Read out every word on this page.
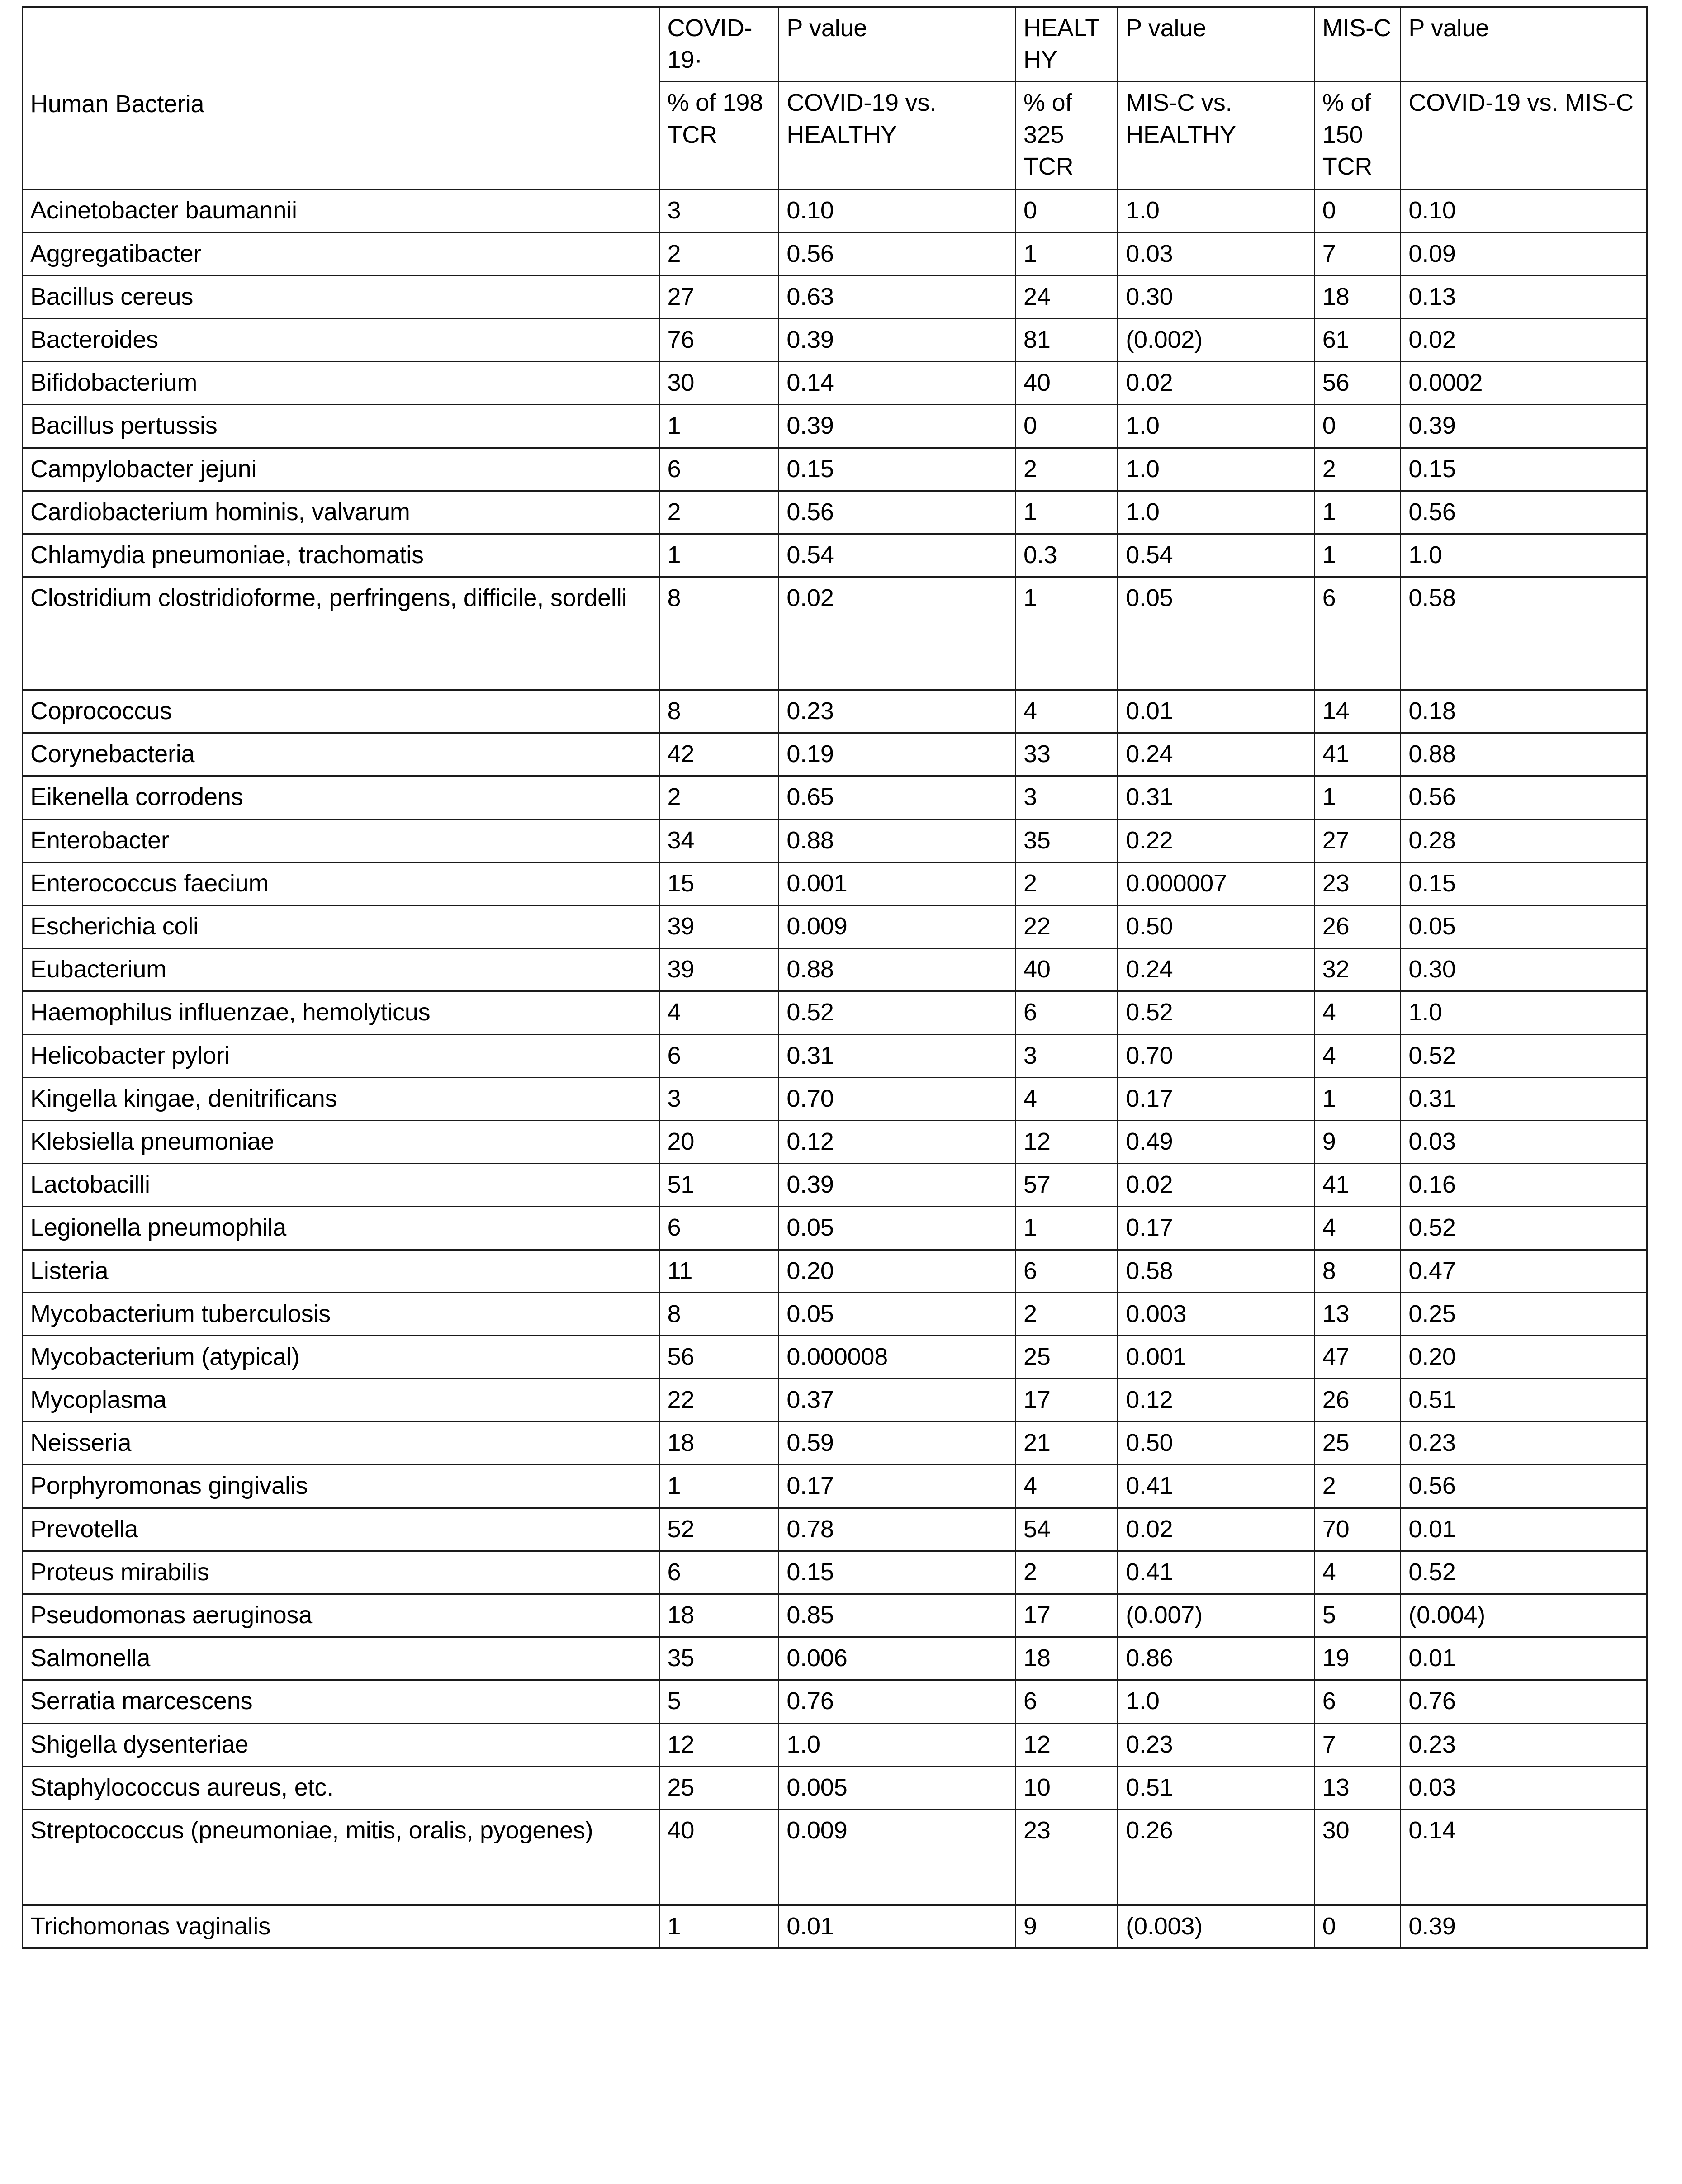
	COVID-19·	P value	HEALTHY	P value	MIS-C	P value
Human Bacteria	% of 198 TCR	COVID-19 vs. HEALTHY	% of 325 TCR	MIS-C vs. HEALTHY	% of 150 TCR	COVID-19 vs. MIS-C
Acinetobacter baumannii	3	0.10	0	1.0	0	0.10
Aggregatibacter	2	0.56	1	0.03	7	0.09
Bacillus cereus	27	0.63	24	0.30	18	0.13
Bacteroides	76	0.39	81	(0.002)	61	0.02
Bifidobacterium	30	0.14	40	0.02	56	0.0002
Bacillus pertussis	1	0.39	0	1.0	0	0.39
Campylobacter jejuni	6	0.15	2	1.0	2	0.15
Cardiobacterium hominis, valvarum	2	0.56	1	1.0	1	0.56
Chlamydia pneumoniae, trachomatis	1	0.54	0.3	0.54	1	1.0
Clostridium clostridioforme, perfringens, difficile, sordelli	8	0.02	1	0.05	6	0.58
Coprococcus	8	0.23	4	0.01	14	0.18
Corynebacteria	42	0.19	33	0.24	41	0.88
Eikenella corrodens	2	0.65	3	0.31	1	0.56
Enterobacter	34	0.88	35	0.22	27	0.28
Enterococcus faecium	15	0.001	2	0.000007	23	0.15
Escherichia coli	39	0.009	22	0.50	26	0.05
Eubacterium	39	0.88	40	0.24	32	0.30
Haemophilus influenzae, hemolyticus	4	0.52	6	0.52	4	1.0
Helicobacter pylori	6	0.31	3	0.70	4	0.52
Kingella kingae, denitrificans	3	0.70	4	0.17	1	0.31
Klebsiella pneumoniae	20	0.12	12	0.49	9	0.03
Lactobacilli	51	0.39	57	0.02	41	0.16
Legionella pneumophila	6	0.05	1	0.17	4	0.52
Listeria	11	0.20	6	0.58	8	0.47
Mycobacterium tuberculosis	8	0.05	2	0.003	13	0.25
Mycobacterium (atypical)	56	0.000008	25	0.001	47	0.20
Mycoplasma	22	0.37	17	0.12	26	0.51
Neisseria	18	0.59	21	0.50	25	0.23
Porphyromonas gingivalis	1	0.17	4	0.41	2	0.56
Prevotella	52	0.78	54	0.02	70	0.01
Proteus mirabilis	6	0.15	2	0.41	4	0.52
Pseudomonas aeruginosa	18	0.85	17	(0.007)	5	(0.004)
Salmonella	35	0.006	18	0.86	19	0.01
Serratia marcescens	5	0.76	6	1.0	6	0.76
Shigella dysenteriae	12	1.0	12	0.23	7	0.23
Staphylococcus aureus, etc.	25	0.005	10	0.51	13	0.03
Streptococcus (pneumoniae, mitis, oralis, pyogenes)	40	0.009	23	0.26	30	0.14
Trichomonas vaginalis	1	0.01	9	(0.003)	0	0.39
